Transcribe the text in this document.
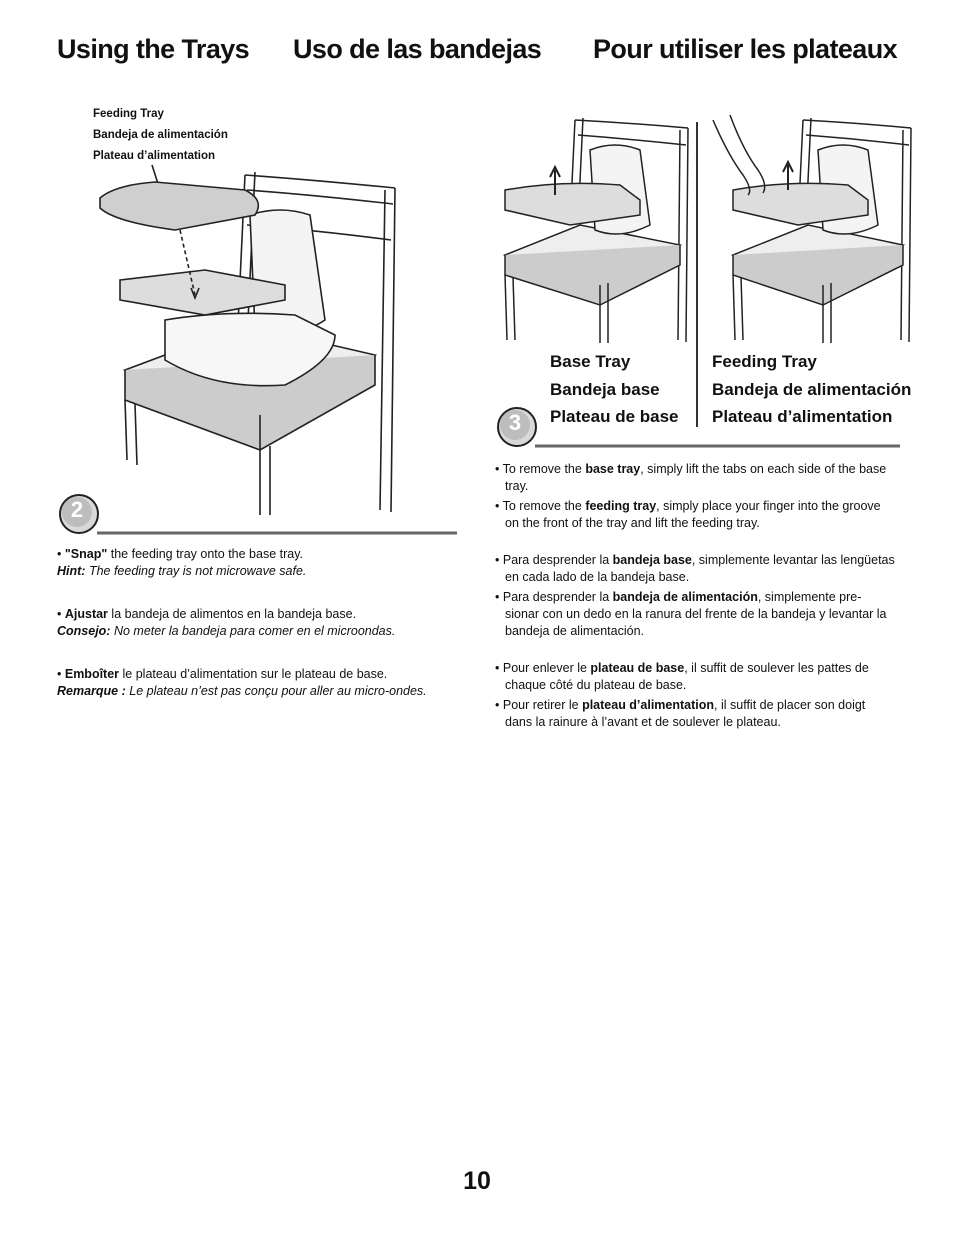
Using the Trays Uso de las bandejas Pour utiliser les plateaux
Feeding Tray
Bandeja de alimentación
Plateau d’alimentation
2
• "Snap" the feeding tray onto the base tray.
Hint: The feeding tray is not microwave safe.
• Ajustar la bandeja de alimentos en la bandeja base.
Consejo: No meter la bandeja para comer en el microondas.
• Emboîter le plateau d’alimentation sur le plateau de base.
Remarque : Le plateau n’est pas conçu pour aller au micro-ondes.
Base Tray
Bandeja base
Plateau de base
Feeding Tray
Bandeja de alimentación
Plateau d’alimentation
3
• To remove the base tray, simply lift the tabs on each side of the base tray.
• To remove the feeding tray, simply place your finger into the groove on the front of the tray and lift the feeding tray.
• Para desprender la bandeja base, simplemente levantar las lengüetas en cada lado de la bandeja base.
• Para desprender la bandeja de alimentación, simplemente pre-sionar con un dedo en la ranura del frente de la bandeja y levantar la bandeja de alimentación.
• Pour enlever le plateau de base, il suffit de soulever les pattes de chaque côté du plateau de base.
• Pour retirer le plateau d’alimentation, il suffit de placer son doigt dans la rainure à l’avant et de soulever le plateau.
10
